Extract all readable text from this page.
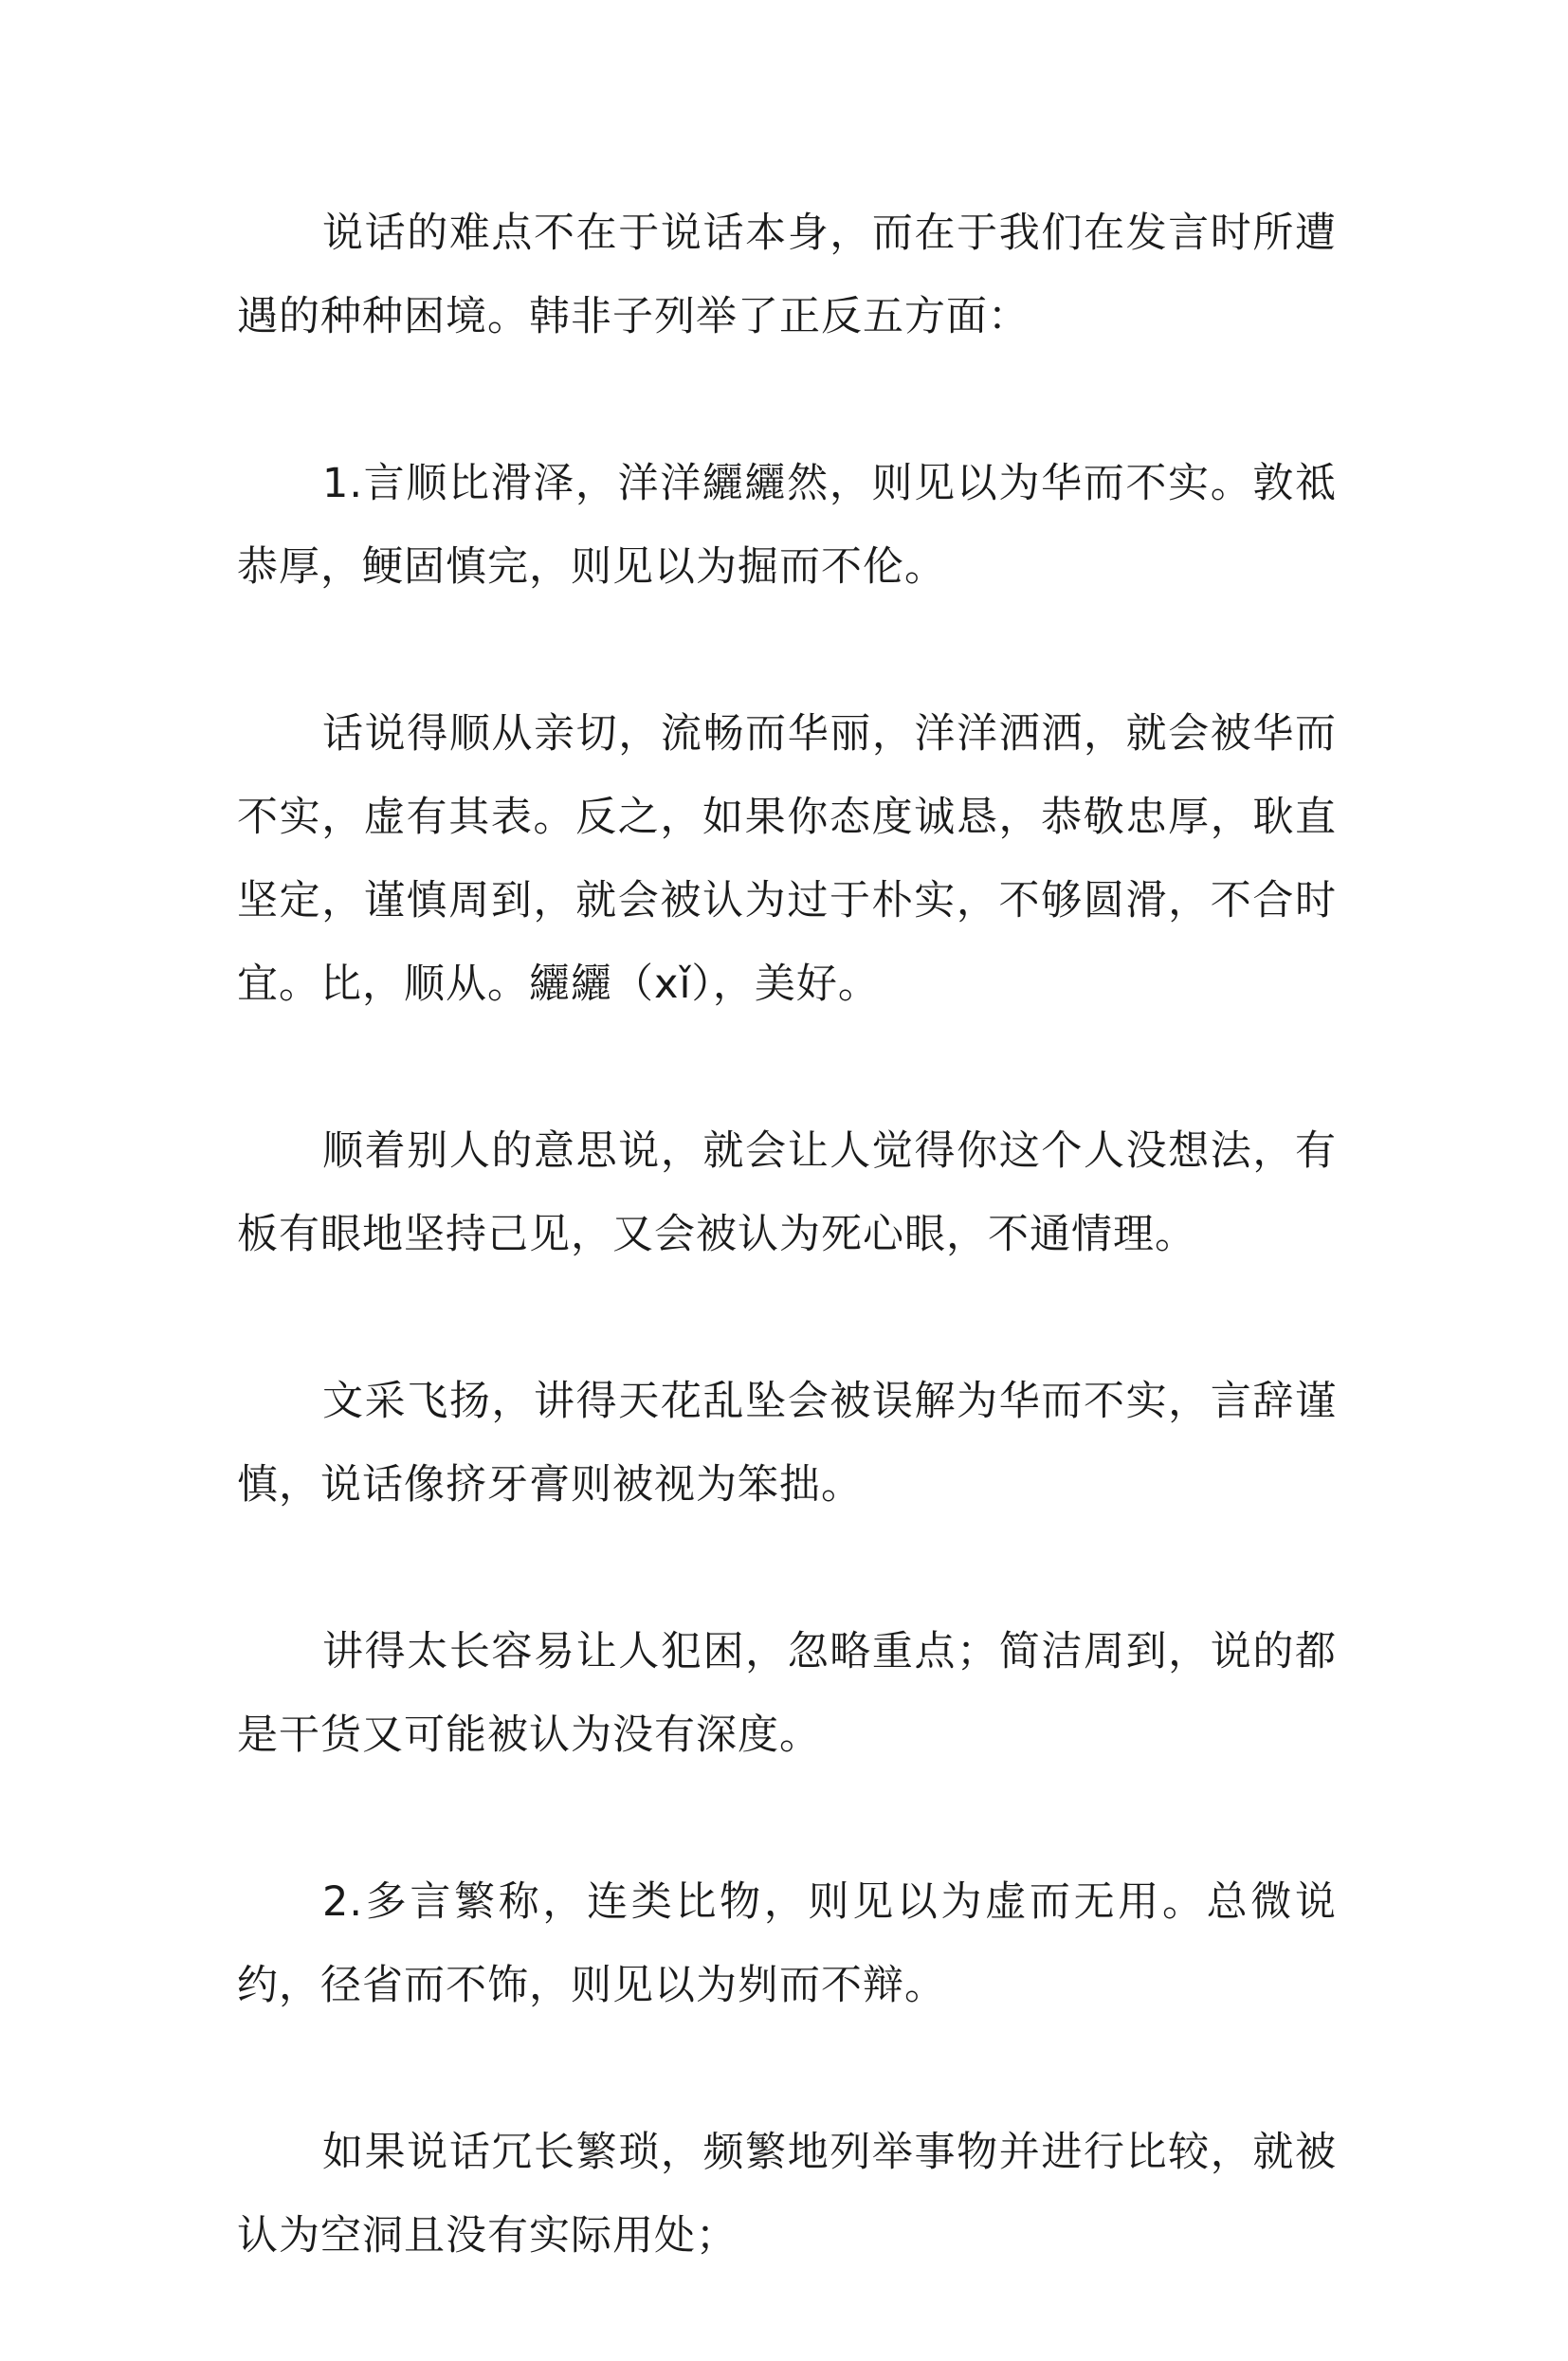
说话的难点不在于说话本身，而在于我们在发言时所遭遇的种种困境。韩非子列举了正反五方面：

1.言顺比滑泽，洋洋纚纚然，则见以为华而不实。敦祗恭厚，鲠固慎完，则见以为掘而不伦。

话说得顺从亲切，流畅而华丽，洋洋洒洒，就会被华而不实，虚有其表。反之，如果你态度诚恳，恭敬忠厚，耿直坚定，谨慎周到，就会被认为过于朴实，不够圆滑，不合时宜。比，顺从。纚纚（xǐ），美好。

顺着别人的意思说，就会让人觉得你这个人没想法，有板有眼地坚持己见，又会被认为死心眼，不通情理。

文采飞扬，讲得天花乱坠会被误解为华而不实，言辞谨慎，说话像挤牙膏则被视为笨拙。

讲得太长容易让人犯困，忽略重点；简洁周到，说的都是干货又可能被认为没有深度。

2.多言繁称，连类比物，则见以为虚而无用。总微说约，径省而不饰，则见以为刿而不辩。

如果说话冗长繁琐，频繁地列举事物并进行比较，就被认为空洞且没有实际用处；
